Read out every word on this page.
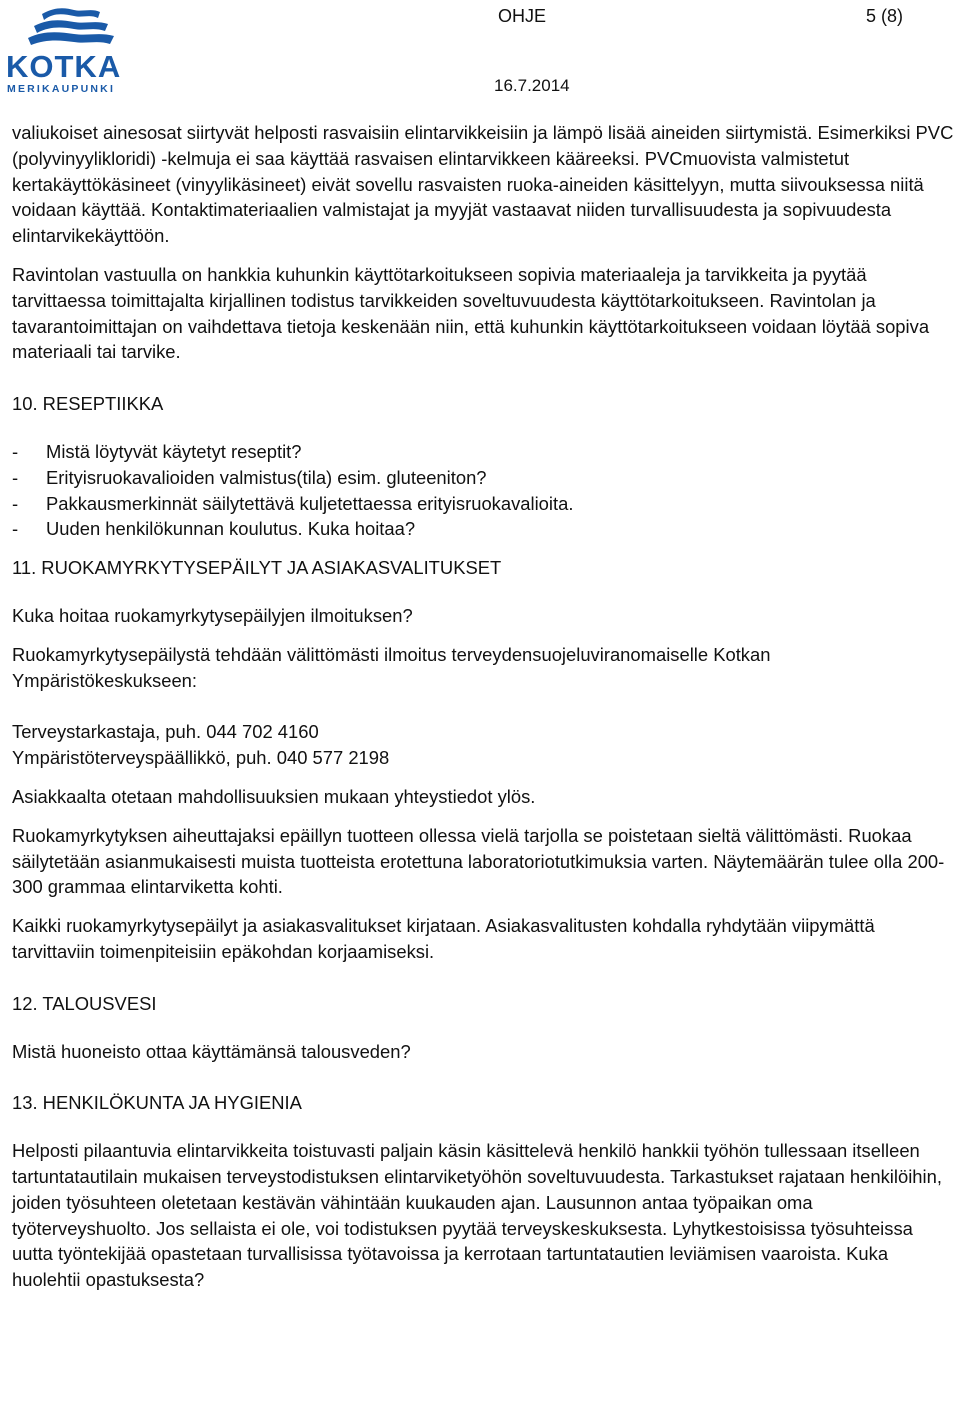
KOTKA
MERIKAUPUNKI
OHJE	5 (8)
16.7.2014

valiukoiset ainesosat siirtyvät helposti rasvaisiin elintarvikkeisiin ja lämpö lisää aineiden siirtymistä. Esimerkiksi PVC (polyvinyylikloridi) -kelmuja ei saa käyttää rasvaisen elintarvikkeen kääreeksi. PVCmuovista valmistetut kertakäyttökäsineet (vinyylikäsineet) eivät sovellu rasvaisten ruoka-aineiden käsittelyyn, mutta siivouksessa niitä voidaan käyttää. Kontaktimateriaalien valmistajat ja myyjät vastaavat niiden turvallisuudesta ja sopivuudesta elintarvikekäyttöön.

Ravintolan vastuulla on hankkia kuhunkin käyttötarkoitukseen sopivia materiaaleja ja tarvikkeita ja pyytää tarvittaessa toimittajalta kirjallinen todistus tarvikkeiden soveltuvuudesta käyttötarkoitukseen. Ravintolan ja tavarantoimittajan on vaihdettava tietoja keskenään niin, että kuhunkin käyttötarkoitukseen voidaan löytää sopiva materiaali tai tarvike.

10. RESEPTIIKKA

- Mistä löytyvät käytetyt reseptit?
- Erityisruokavalioiden valmistus(tila) esim. gluteeniton?
- Pakkausmerkinnät säilytettävä kuljetettaessa erityisruokavalioita.
- Uuden henkilökunnan koulutus. Kuka hoitaa?

11. RUOKAMYRKYTYSEPÄILYT JA ASIAKASVALITUKSET

Kuka hoitaa ruokamyrkytysepäilyjen ilmoituksen?

Ruokamyrkytysepäilystä tehdään välittömästi ilmoitus terveydensuojeluviranomaiselle Kotkan Ympäristökeskukseen:

Terveystarkastaja, puh. 044 702 4160

Ympäristöterveyspäällikkö, puh. 040 577 2198

Asiakkaalta otetaan mahdollisuuksien mukaan yhteystiedot ylös.

Ruokamyrkytyksen aiheuttajaksi epäillyn tuotteen ollessa vielä tarjolla se poistetaan sieltä välittömästi. Ruokaa säilytetään asianmukaisesti muista tuotteista erotettuna laboratoriotutkimuksia varten. Näytemäärän tulee olla 200-300 grammaa elintarviketta kohti.

Kaikki ruokamyrkytysepäilyt ja asiakasvalitukset kirjataan. Asiakasvalitusten kohdalla ryhdytään viipymättä tarvittaviin toimenpiteisiin epäkohdan korjaamiseksi.

12. TALOUSVESI

Mistä huoneisto ottaa käyttämänsä talousveden?

13. HENKILÖKUNTA JA HYGIENIA

Helposti pilaantuvia elintarvikkeita toistuvasti paljain käsin käsittelevä henkilö hankkii työhön tullessaan itselleen tartuntatautilain mukaisen terveystodistuksen elintarviketyöhön soveltuvuudesta. Tarkastukset rajataan henkilöihin, joiden työsuhteen oletetaan kestävän vähintään kuukauden ajan. Lausunnon antaa työpaikan oma työterveyshuolto. Jos sellaista ei ole, voi todistuksen pyytää terveyskeskuksesta. Lyhytkestoisissa työsuhteissa uutta työntekijää opastetaan turvallisissa työtavoissa ja kerrotaan tartuntatautien leviämisen vaaroista. Kuka huolehtii opastuksesta?
